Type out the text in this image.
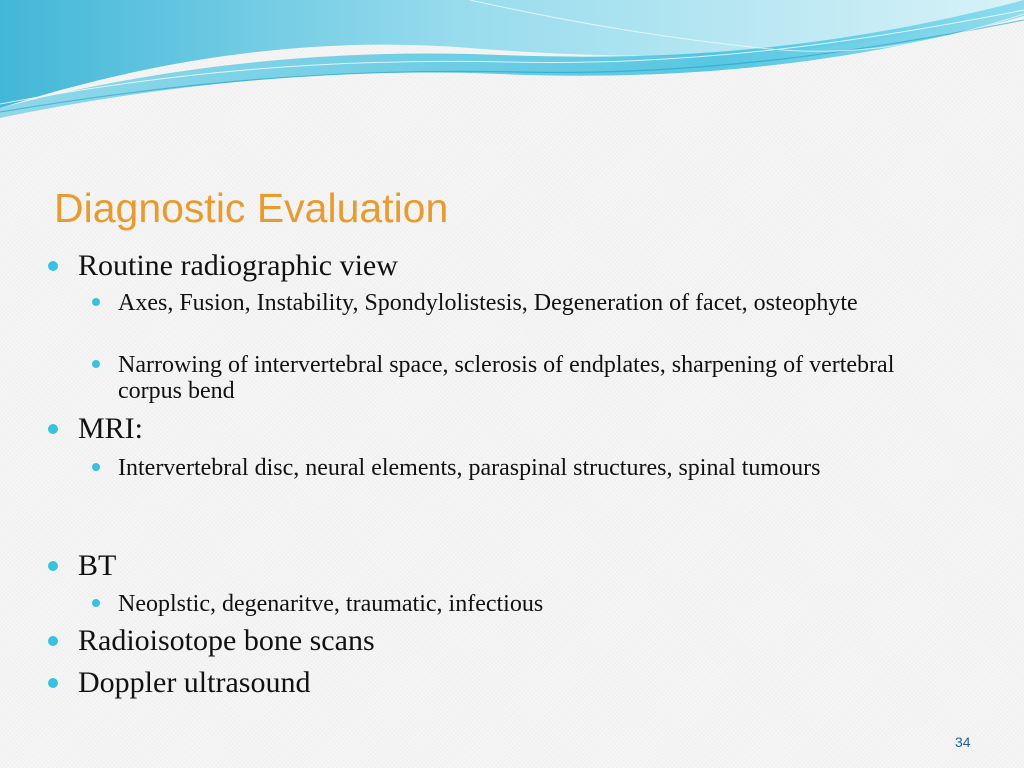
Diagnostic Evaluation
Routine radiographic view
Axes, Fusion, Instability, Spondylolistesis, Degeneration of facet, osteophyte
Narrowing of intervertebral space, sclerosis of endplates, sharpening of vertebral corpus bend
MRI:
Intervertebral disc, neural elements, paraspinal structures, spinal tumours
BT
Neoplstic, degenaritve, traumatic, infectious
Radioisotope bone scans
Doppler ultrasound
34
